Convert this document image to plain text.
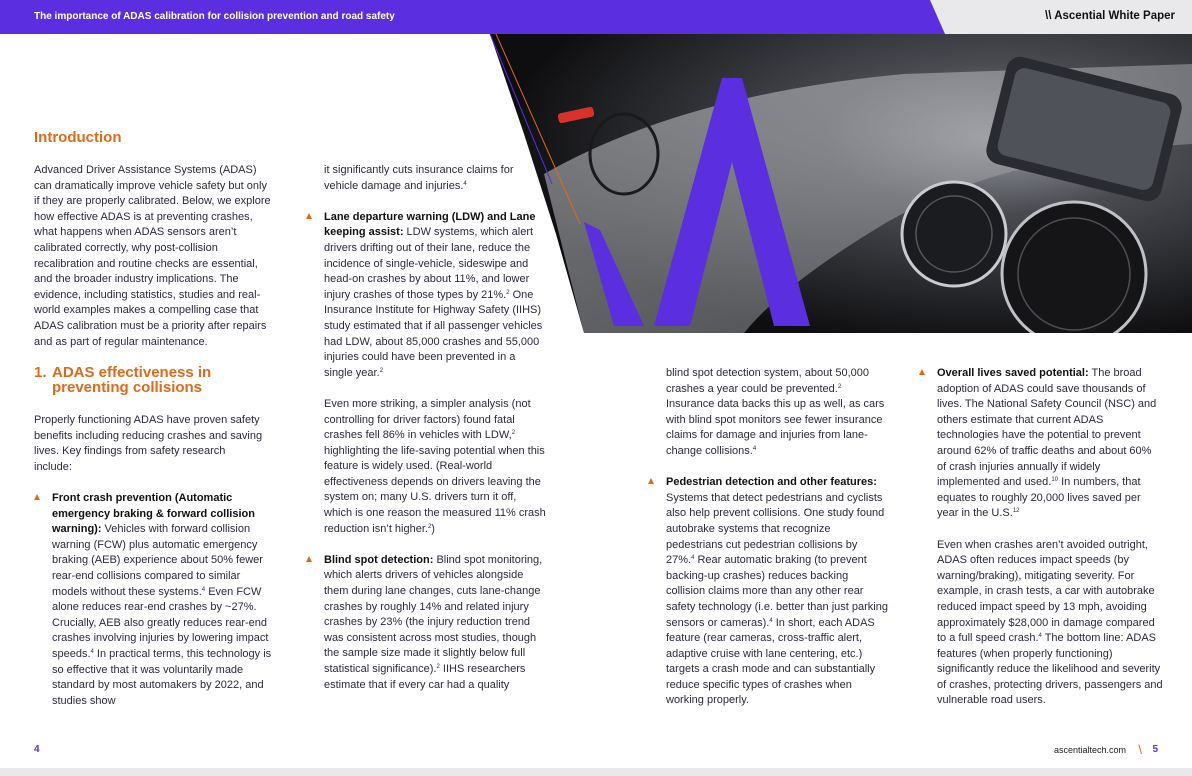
The importance of ADAS calibration for collision prevention and road safety	\\ Ascential White Paper
Introduction

Advanced Driver Assistance Systems (ADAS) can dramatically improve vehicle safety but only if they are properly calibrated. Below, we explore how effective ADAS is at preventing crashes, what happens when ADAS sensors aren’t calibrated correctly, why post-collision recalibration and routine checks are essential, and the broader industry implications. The evidence, including statistics, studies and real-world examples makes a compelling case that ADAS calibration must be a priority after repairs and as part of regular maintenance.

1. ADAS effectiveness in preventing collisions

Properly functioning ADAS have proven safety benefits including reducing crashes and saving lives. Key findings from safety research include:

Front crash prevention (Automatic emergency braking & forward collision warning): Vehicles with forward collision warning (FCW) plus automatic emergency braking (AEB) experience about 50% fewer rear-end collisions compared to similar models without these systems.$^4$ Even FCW alone reduces rear-end crashes by ~27%. Crucially, AEB also greatly reduces rear-end crashes involving injuries by lowering impact speeds.$^4$ In practical terms, this technology is so effective that it was voluntarily made standard by most automakers by 2022, and studies show
it significantly cuts insurance claims for vehicle damage and injuries.$^4$
Lane departure warning (LDW) and Lane keeping assist: LDW systems, which alert drivers drifting out of their lane, reduce the incidence of single-vehicle, sideswipe and head-on crashes by about 11%, and lower injury crashes of those types by 21%.$^2$ One Insurance Institute for Highway Safety (IIHS) study estimated that if all passenger vehicles had LDW, about 85,000 crashes and 55,000 injuries could have been prevented in a single year.$^2$
Even more striking, a simpler analysis (not controlling for driver factors) found fatal crashes fell 86% in vehicles with LDW,$^2$ highlighting the life-saving potential when this feature is widely used. (Real-world effectiveness depends on drivers leaving the system on; many U.S. drivers turn it off, which is one reason the measured 11% crash reduction isn’t higher.$^2$)
Blind spot detection: Blind spot monitoring, which alerts drivers of vehicles alongside them during lane changes, cuts lane-change crashes by roughly 14% and related injury crashes by 23% (the injury reduction trend was consistent across most studies, though the sample size made it slightly below full statistical significance).$^2$ IIHS researchers estimate that if every car had a quality
blind spot detection system, about 50,000 crashes a year could be prevented.$^2$ Insurance data backs this up as well, as cars with blind spot monitors see fewer insurance claims for damage and injuries from lane-change collisions.$^4$
Pedestrian detection and other features: Systems that detect pedestrians and cyclists also help prevent collisions. One study found autobrake systems that recognize pedestrians cut pedestrian collisions by 27%.$^4$ Rear automatic braking (to prevent backing-up crashes) reduces backing collision claims more than any other rear safety technology (i.e. better than just parking sensors or cameras).$^4$ In short, each ADAS feature (rear cameras, cross-traffic alert, adaptive cruise with lane centering, etc.) targets a crash mode and can substantially reduce specific types of crashes when working properly.
Overall lives saved potential: The broad adoption of ADAS could save thousands of lives. The National Safety Council (NSC) and others estimate that current ADAS technologies have the potential to prevent around 62% of traffic deaths and about 60% of crash injuries annually if widely implemented and used.$^{10}$ In numbers, that equates to roughly 20,000 lives saved per year in the U.S.$^{12}$
Even when crashes aren’t avoided outright, ADAS often reduces impact speeds (by warning/braking), mitigating severity. For example, in crash tests, a car with autobrake reduced impact speed by 13 mph, avoiding approximately $28,000 in damage compared to a full speed crash.$^4$ The bottom line: ADAS features (when properly functioning) significantly reduce the likelihood and severity of crashes, protecting drivers, passengers and vulnerable road users.
4	ascentialtech.com \ 5
